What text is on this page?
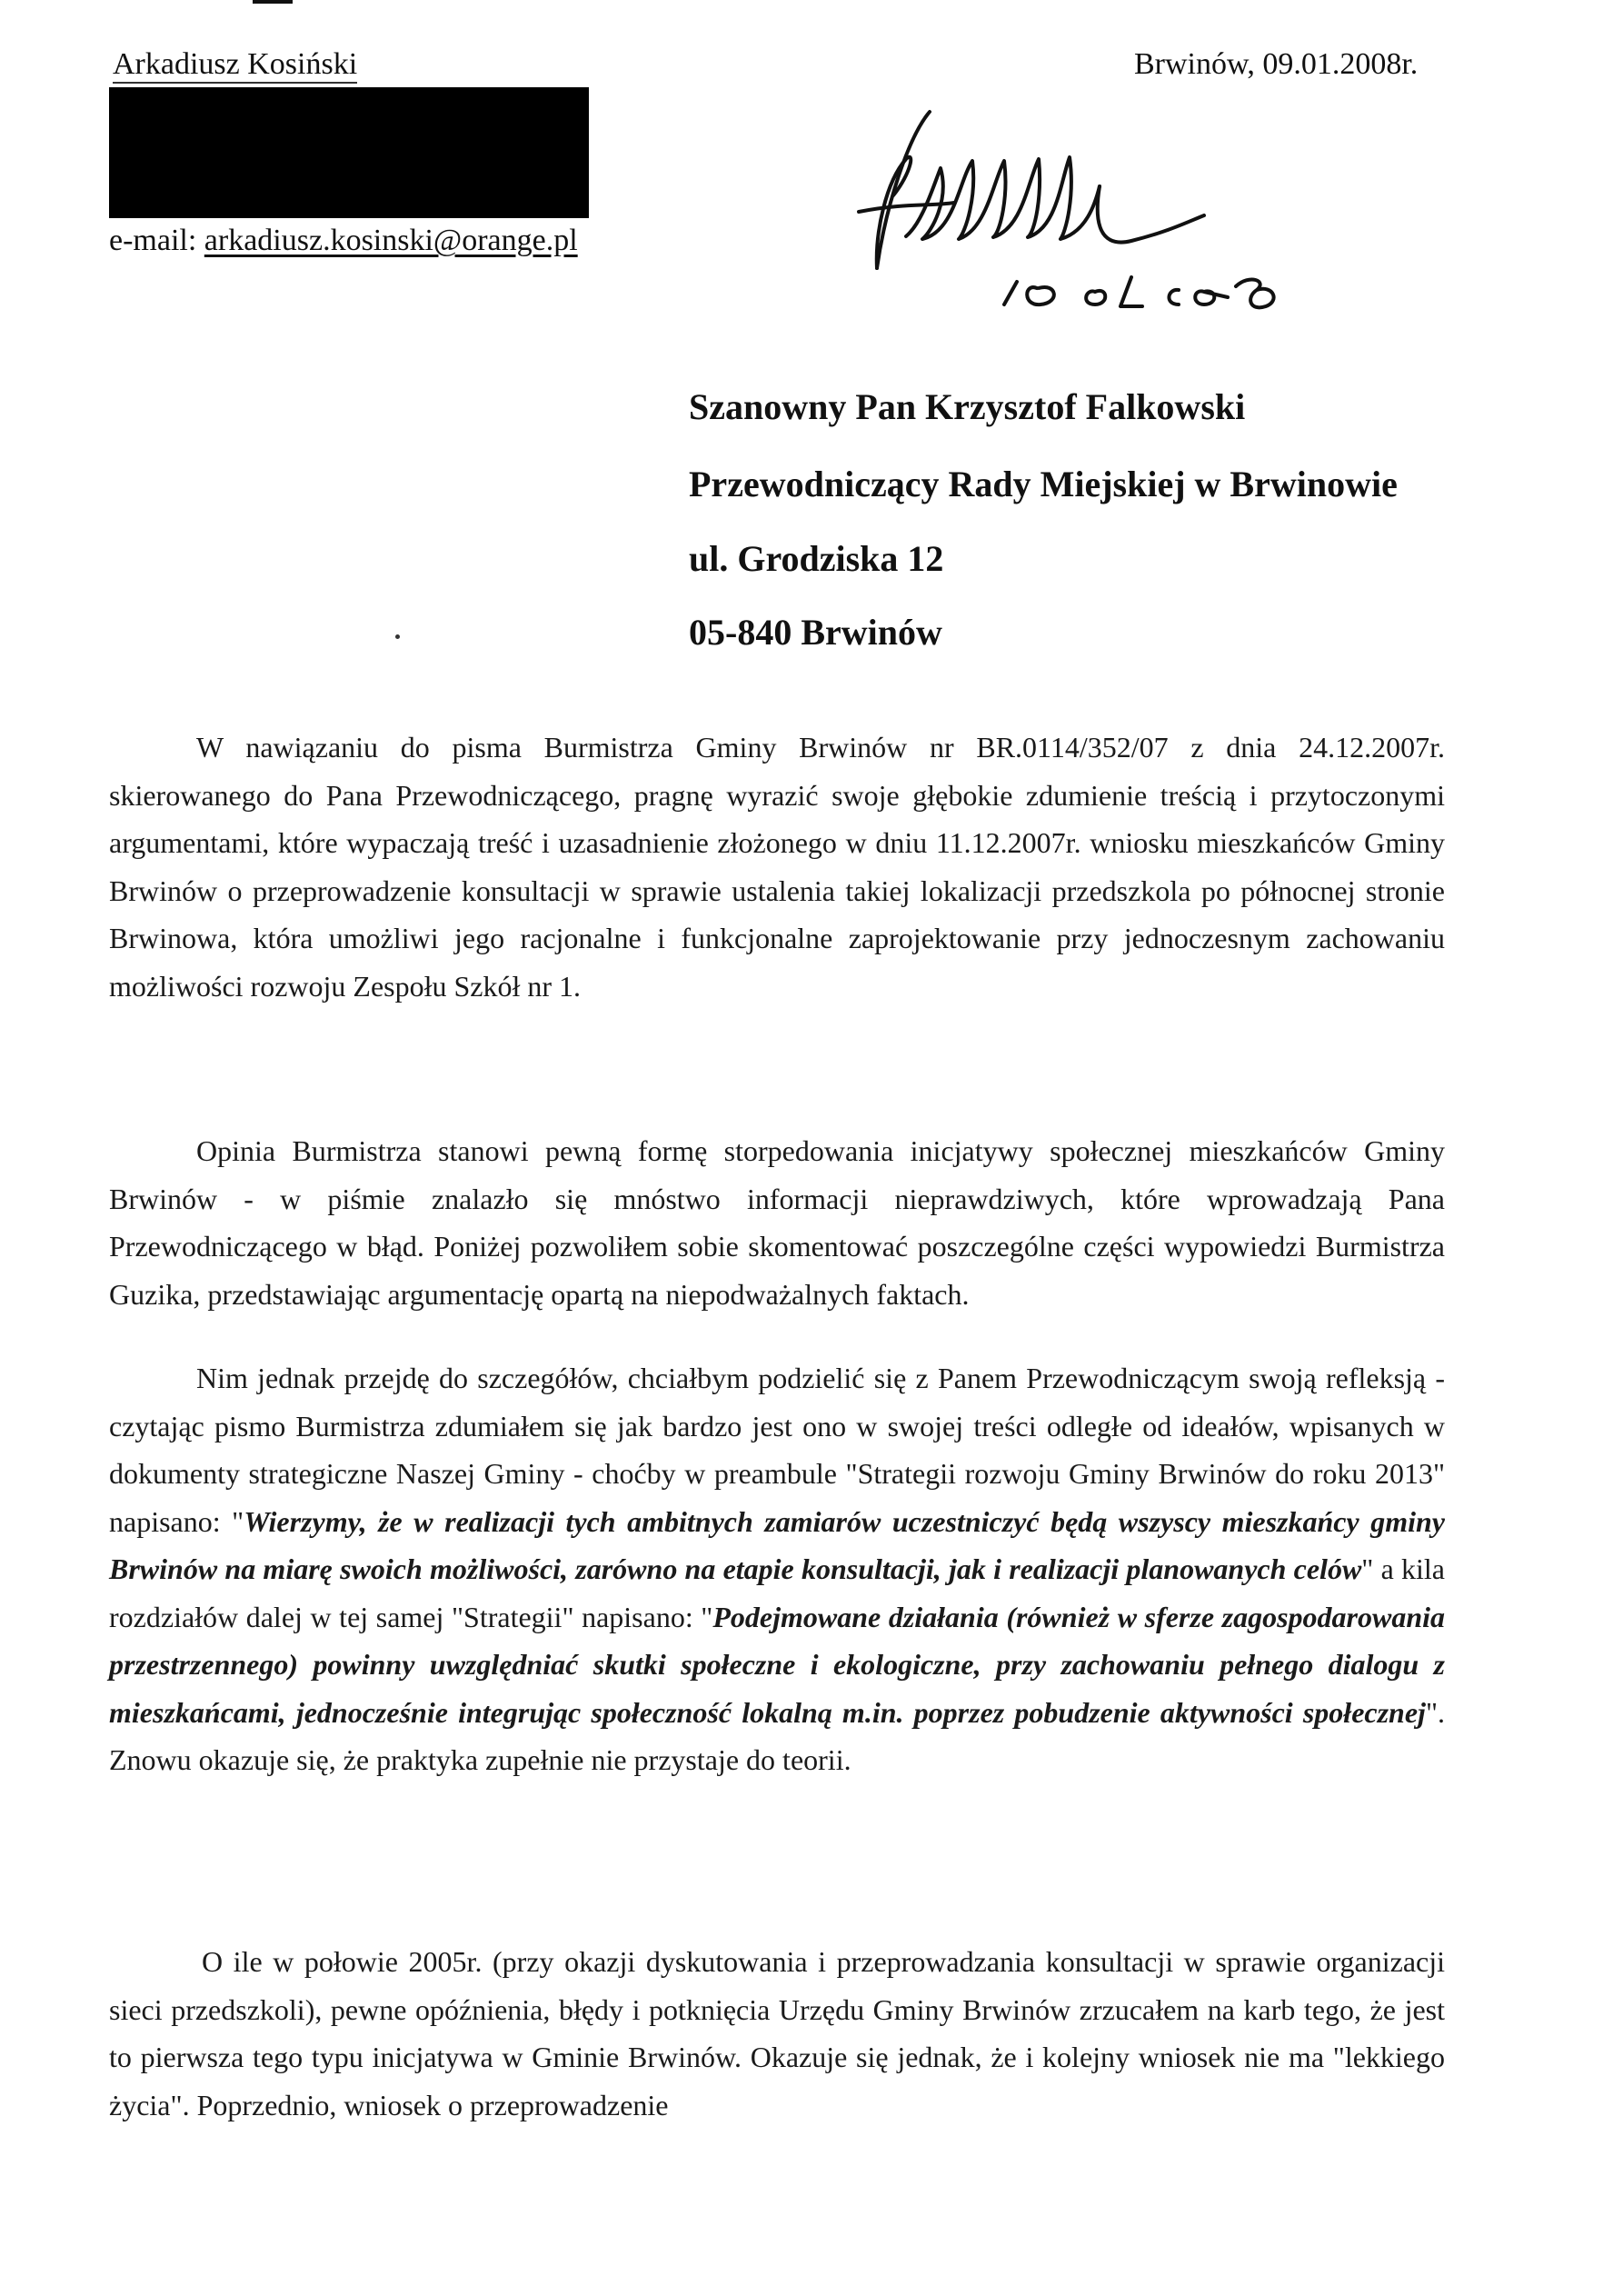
Arkadiusz Kosiński
e-mail: arkadiusz.kosinski@orange.pl
Brwinów, 09.01.2008r.
Szanowny Pan Krzysztof Falkowski
Przewodniczący Rady Miejskiej w Brwinowie
ul. Grodziska 12
05-840 Brwinów
W nawiązaniu do pisma Burmistrza Gminy Brwinów nr BR.0114/352/07 z dnia 24.12.2007r. skierowanego do Pana Przewodniczącego, pragnę wyrazić swoje głębokie zdumienie treścią i przytoczonymi argumentami, które wypaczają treść i uzasadnienie złożonego w dniu 11.12.2007r. wniosku mieszkańców Gminy Brwinów o przeprowadzenie konsultacji w sprawie ustalenia takiej lokalizacji przedszkola po północnej stronie Brwinowa, która umożliwi jego racjonalne i funkcjonalne zaprojektowanie przy jednoczesnym zachowaniu możliwości rozwoju Zespołu Szkół nr 1.
Opinia Burmistrza stanowi pewną formę storpedowania inicjatywy społecznej mieszkańców Gminy Brwinów - w piśmie znalazło się mnóstwo informacji nieprawdziwych, które wprowadzają Pana Przewodniczącego w błąd. Poniżej pozwoliłem sobie skomentować poszczególne części wypowiedzi Burmistrza Guzika, przedstawiając argumentację opartą na niepodważalnych faktach.
Nim jednak przejdę do szczegółów, chciałbym podzielić się z Panem Przewodniczącym swoją refleksją - czytając pismo Burmistrza zdumiałem się jak bardzo jest ono w swojej treści odległe od ideałów, wpisanych w dokumenty strategiczne Naszej Gminy - choćby w preambule "Strategii rozwoju Gminy Brwinów do roku 2013" napisano: "Wierzymy, że w realizacji tych ambitnych zamiarów uczestniczyć będą wszyscy mieszkańcy gminy Brwinów na miarę swoich możliwości, zarówno na etapie konsultacji, jak i realizacji planowanych celów" a kila rozdziałów dalej w tej samej "Strategii" napisano: "Podejmowane działania (również w sferze zagospodarowania przestrzennego) powinny uwzględniać skutki społeczne i ekologiczne, przy zachowaniu pełnego dialogu z mieszkańcami, jednocześnie integrując społeczność lokalną m.in. poprzez pobudzenie aktywności społecznej". Znowu okazuje się, że praktyka zupełnie nie przystaje do teorii.
O ile w połowie 2005r. (przy okazji dyskutowania i przeprowadzania konsultacji w sprawie organizacji sieci przedszkoli), pewne opóźnienia, błędy i potknięcia Urzędu Gminy Brwinów zrzucałem na karb tego, że jest to pierwsza tego typu inicjatywa w Gminie Brwinów. Okazuje się jednak, że i kolejny wniosek nie ma "lekkiego życia". Poprzednio, wniosek o przeprowadzenie
